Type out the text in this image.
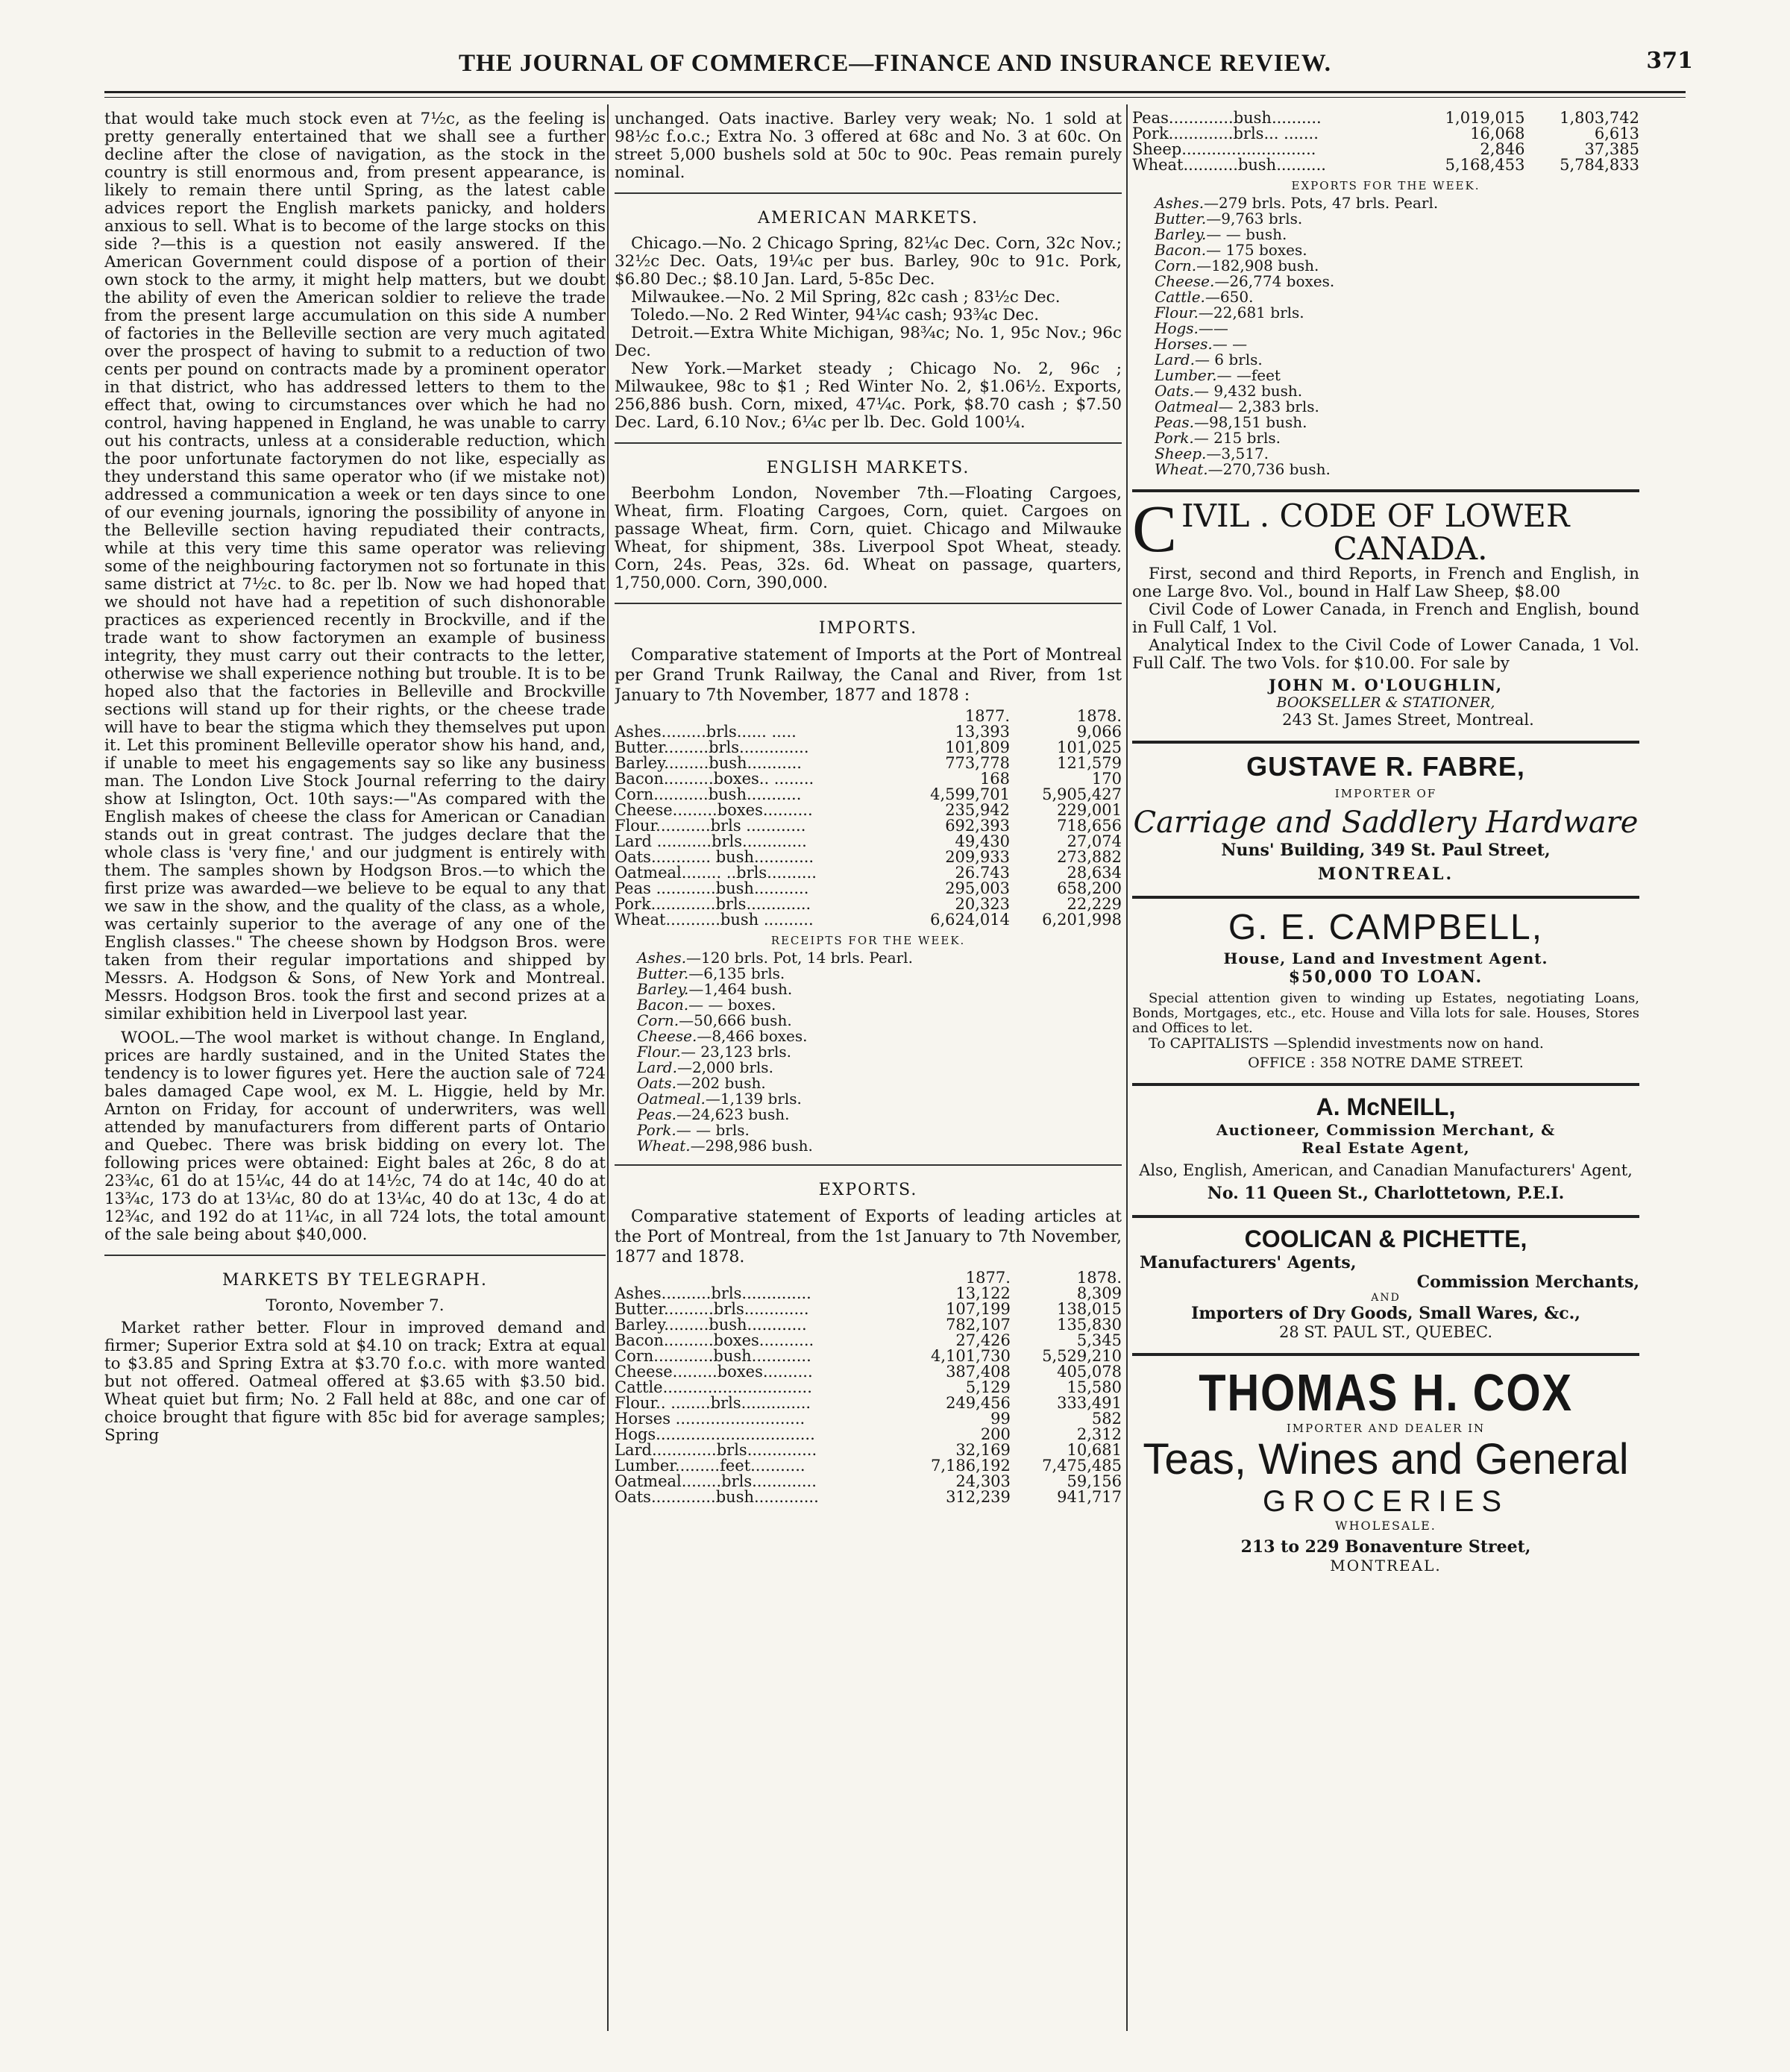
THE JOURNAL OF COMMERCE—FINANCE AND INSURANCE REVIEW.	371

that would take much stock even at 7½c, as the feeling is pretty generally entertained that we shall see a further decline after the close of navigation, as the stock in the country is still enormous and, from present appearance, is likely to remain there until Spring, as the latest cable advices report the English markets panicky, and holders anxious to sell. What is to become of the large stocks on this side ?—this is a question not easily answered. If the American Government could dispose of a portion of their own stock to the army, it might help matters, but we doubt the ability of even the American soldier to relieve the trade from the present large accumulation on this side A number of factories in the Belleville section are very much agitated over the prospect of having to submit to a reduction of two cents per pound on contracts made by a prominent operator in that district, who has addressed letters to them to the effect that, owing to circumstances over which he had no control, having happened in England, he was unable to carry out his contracts, unless at a considerable reduction, which the poor unfortunate factorymen do not like, especially as they understand this same operator who (if we mistake not) addressed a communication a week or ten days since to one of our evening journals, ignoring the possibility of anyone in the Belleville section having repudiated their contracts, while at this very time this same operator was relieving some of the neighbouring factorymen not so fortunate in this same district at 7½c. to 8c. per lb. Now we had hoped that we should not have had a repetition of such dishonorable practices as experienced recently in Brockville, and if the trade want to show factorymen an example of business integrity, they must carry out their contracts to the letter, otherwise we shall experience nothing but trouble. It is to be hoped also that the factories in Belleville and Brockville sections will stand up for their rights, or the cheese trade will have to bear the stigma which they themselves put upon it. Let this prominent Belleville operator show his hand, and, if unable to meet his engagements say so like any business man. The London Live Stock Journal referring to the dairy show at Islington, Oct. 10th says:—"As compared with the English makes of cheese the class for American or Canadian stands out in great contrast. The judges declare that the whole class is 'very fine,' and our judgment is entirely with them. The samples shown by Hodgson Bros.—to which the first prize was awarded—we believe to be equal to any that we saw in the show, and the quality of the class, as a whole, was certainly superior to the average of any one of the English classes." The cheese shown by Hodgson Bros. were taken from their regular importations and shipped by Messrs. A. Hodgson & Sons, of New York and Montreal. Messrs. Hodgson Bros. took the first and second prizes at a similar exhibition held in Liverpool last year.

WOOL.—The wool market is without change. In England, prices are hardly sustained, and in the United States the tendency is to lower figures yet. Here the auction sale of 724 bales damaged Cape wool, ex M. L. Higgie, held by Mr. Arnton on Friday, for account of underwriters, was well attended by manufacturers from different parts of Ontario and Quebec. There was brisk bidding on every lot. The following prices were obtained: Eight bales at 26c, 8 do at 23¾c, 61 do at 15¼c, 44 do at 14½c, 74 do at 14c, 40 do at 13¾c, 173 do at 13¼c, 80 do at 13¼c, 40 do at 13c, 4 do at 12¾c, and 192 do at 11¼c, in all 724 lots, the total amount of the sale being about $40,000.

MARKETS BY TELEGRAPH.

Toronto, November 7.

Market rather better. Flour in improved demand and firmer; Superior Extra sold at $4.10 on track; Extra at equal to $3.85 and Spring Extra at $3.70 f.o.c. with more wanted but not offered. Oatmeal offered at $3.65 with $3.50 bid. Wheat quiet but firm; No. 2 Fall held at 88c, and one car of choice brought that figure with 85c bid for average samples; Spring

unchanged. Oats inactive. Barley very weak; No. 1 sold at 98½c f.o.c.; Extra No. 3 offered at 68c and No. 3 at 60c. On street 5,000 bushels sold at 50c to 90c. Peas remain purely nominal.

AMERICAN MARKETS.

Chicago.—No. 2 Chicago Spring, 82¼c Dec. Corn, 32c Nov.; 32½c Dec. Oats, 19¼c per bus. Barley, 90c to 91c. Pork, $6.80 Dec.; $8.10 Jan. Lard, 5-85c Dec.

Milwaukee.—No. 2 Mil Spring, 82c cash ; 83½c Dec.

Toledo.—No. 2 Red Winter, 94¼c cash; 93¾c Dec.

Detroit.—Extra White Michigan, 98¾c; No. 1, 95c Nov.; 96c Dec.

New York.—Market steady ; Chicago No. 2, 96c ; Milwaukee, 98c to $1 ; Red Winter No. 2, $1.06½. Exports, 256,886 bush. Corn, mixed, 47¼c. Pork, $8.70 cash ; $7.50 Dec. Lard, 6.10 Nov.; 6¼c per lb. Dec. Gold 100¼.

ENGLISH MARKETS.

Beerbohm London, November 7th.—Floating Cargoes, Wheat, firm. Floating Cargoes, Corn, quiet. Cargoes on passage Wheat, firm. Corn, quiet. Chicago and Milwauke Wheat, for shipment, 38s. Liverpool Spot Wheat, steady. Corn, 24s. Peas, 32s. 6d. Wheat on passage, quarters, 1,750,000. Corn, 390,000.

IMPORTS.

Comparative statement of Imports at the Port of Montreal per Grand Trunk Railway, the Canal and River, from 1st January to 7th November, 1877 and 1878 :

	1877.	1878.
Ashes.........brls...... .....	13,393	9,066
Butter.........brls..............	101,809	101,025
Barley.........bush...........	773,778	121,579
Bacon..........boxes.. ........	168	170
Corn...........bush...........	4,599,701	5,905,427
Cheese.........boxes..........	235,942	229,001
Flour...........brls ............	692,393	718,656
Lard ...........brls.............	49,430	27,074
Oats............ bush............	209,933	273,882
Oatmeal........ ..brls..........	26.743	28,634
Peas ............bush...........	295,003	658,200
Pork.............brls.............	20,323	22,229
Wheat...........bush ..........	6,624,014	6,201,998
RECEIPTS FOR THE WEEK.
Ashes.—120 brls. Pot, 14 brls. Pearl.
Butter.—6,135 brls.
Barley.—1,464 bush.
Bacon.— — boxes.
Corn.—50,666 bush.
Cheese.—8,466 boxes.
Flour.— 23,123 brls.
Lard.—2,000 brls.
Oats.—202 bush.
Oatmeal.—1,139 brls.
Peas.—24,623 bush.
Pork.— — brls.
Wheat.—298,986 bush.
EXPORTS.

Comparative statement of Exports of leading articles at the Port of Montreal, from the 1st January to 7th November, 1877 and 1878.

	1877.	1878.
Ashes..........brls..............	13,122	8,309
Butter..........brls.............	107,199	138,015
Barley.........bush............	782,107	135,830
Bacon..........boxes...........	27,426	5,345
Corn............bush............	4,101,730	5,529,210
Cheese.........boxes..........	387,408	405,078
Cattle..............................	5,129	15,580
Flour.. ........brls..............	249,456	333,491
Horses ..........................	99	582
Hogs................................	200	2,312
Lard.............brls..............	32,169	10,681
Lumber.........feet...........	7,186,192	7,475,485
Oatmeal........brls.............	24,303	59,156
Oats.............bush.............	312,239	941,717
Peas.............bush..........	1,019,015	1,803,742
Pork.............brls... .......	16,068	6,613
Sheep...........................	2,846	37,385
Wheat...........bush..........	5,168,453	5,784,833
EXPORTS FOR THE WEEK.
Ashes.—279 brls. Pots, 47 brls. Pearl.
Butter.—9,763 brls.
Barley.— — bush.
Bacon.— 175 boxes.
Corn.—182,908 bush.
Cheese.—26,774 boxes.
Cattle.—650.
Flour.—22,681 brls.
Hogs.——
Horses.— —
Lard.— 6 brls.
Lumber.— —feet
Oats.— 9,432 bush.
Oatmeal— 2,383 brls.
Peas.—98,151 bush.
Pork.— 215 brls.
Sheep.—3,517.
Wheat.—270,736 bush.
C IVIL . CODE OF LOWER
CANADA.

First, second and third Reports, in French and English, in one Large 8vo. Vol., bound in Half Law Sheep, $8.00

Civil Code of Lower Canada, in French and English, bound in Full Calf, 1 Vol.

Analytical Index to the Civil Code of Lower Canada, 1 Vol. Full Calf. The two Vols. for $10.00. For sale by

JOHN M. O'LOUGHLIN,
BOOKSELLER & STATIONER,
243 St. James Street, Montreal.
GUSTAVE R. FABRE,
IMPORTER OF
Carriage and Saddlery Hardware
Nuns' Building, 349 St. Paul Street,
MONTREAL.
G. E. CAMPBELL,
House, Land and Investment Agent.
$50,000 TO LOAN.

Special attention given to winding up Estates, negotiating Loans, Bonds, Mortgages, etc., etc. House and Villa lots for sale. Houses, Stores and Offices to let.

To CAPITALISTS —Splendid investments now on hand.

OFFICE : 358 NOTRE DAME STREET.
A. McNEILL,
Auctioneer, Commission Merchant, &
Real Estate Agent,
Also, English, American, and Canadian Manufacturers' Agent,
No. 11 Queen St., Charlottetown, P.E.I.
COOLICAN & PICHETTE,
Manufacturers' Agents,
Commission Merchants,
AND
Importers of Dry Goods, Small Wares, &c.,
28 ST. PAUL ST., QUEBEC.
THOMAS H. COX
IMPORTER AND DEALER IN
Teas, Wines and General
GROCERIES
WHOLESALE.
213 to 229 Bonaventure Street,
MONTREAL.
